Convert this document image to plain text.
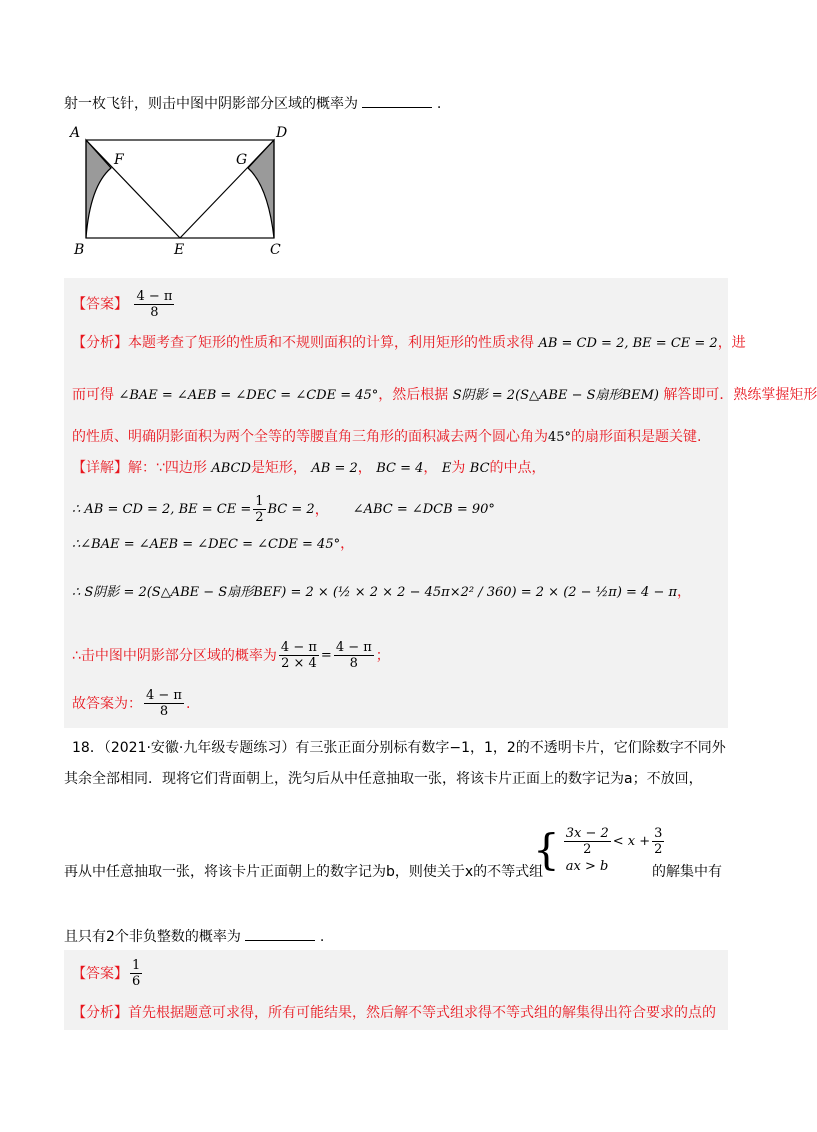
射一枚飞针，则击中图中阴影部分区域的概率为	.
A	D
F	G
B	E	C
【答案】 $\frac{4 - \pi}{8}$
【分析】本题考查了矩形的性质和不规则面积的计算，利用矩形的性质求得 AB = CD = 2, BE = CE = 2，进
而可得 ∠BAE = ∠AEB = ∠DEC = ∠CDE = 45°，然后根据 S阴影 = 2(S△ABE − S扇形BEM) 解答即可．熟练掌握矩形
的性质、明确阴影面积为两个全等的等腰直角三角形的面积减去两个圆心角为45°的扇形面积是题关键.
【详解】解：∵四边形 ABCD是矩形， AB = 2， BC = 4， E为 BC的中点，
∴ AB = CD = 2, BE = CE = $\frac{1}{2}$ BC = 2 ， ∠ABC = ∠DCB = 90°
∴∠BAE = ∠AEB = ∠DEC = ∠CDE = 45°，
∴ S阴影 = 2(S△ABE − S扇形BEF) = 2 × (½ × 2 × 2 − 45π×2² / 360) = 2 × (2 − ½π) = 4 − π，
∴击中图中阴影部分区域的概率为 $\frac{4 - \pi}{2 \times 4} = \frac{4 - \pi}{8}$ ；
故答案为： $\frac{4 - \pi}{8}$ .
18．（2021·安徽·九年级专题练习）有三张正面分别标有数字−1，1，2的不透明卡片，它们除数字不同外
其余全部相同．现将它们背面朝上，洗匀后从中任意抽取一张，将该卡片正面上的数字记为a；不放回，
再从中任意抽取一张，将该卡片正面朝上的数字记为b，则使关于x的不等式组
{ $\frac{3x - 2}{2} < x + \frac{3}{2}$
ax > b	的解集中有
且只有2个非负整数的概率为	.
【答案】 $\frac{1}{6}$
【分析】首先根据题意可求得，所有可能结果，然后解不等式组求得不等式组的解集得出符合要求的点的
